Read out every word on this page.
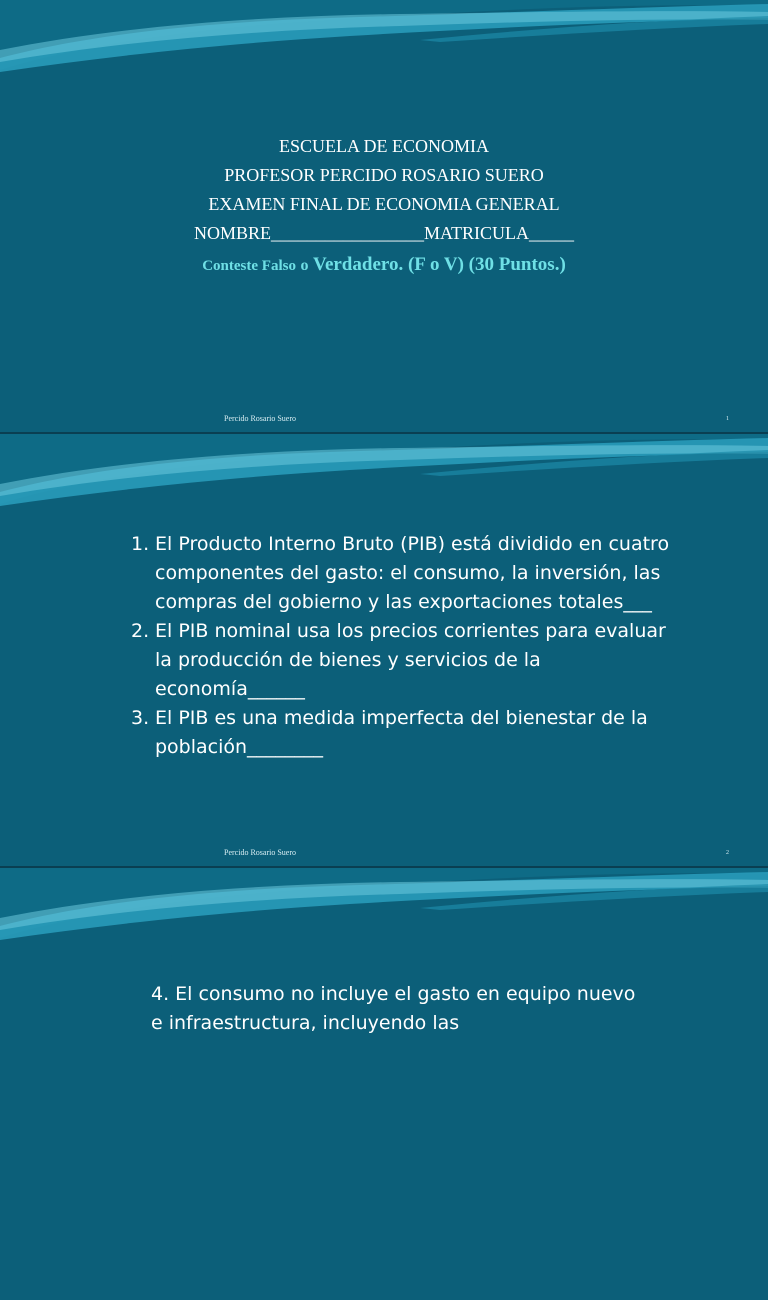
ESCUELA DE ECONOMIA
PROFESOR PERCIDO ROSARIO SUERO
EXAMEN FINAL DE ECONOMIA GENERAL
NOMBRE_________________MATRICULA_____
Conteste Falso o Verdadero. (F o V) (30 Puntos.)
Percido Rosario Suero	1
1. El Producto Interno Bruto (PIB) está dividido en cuatro componentes del gasto: el consumo, la inversión, las compras del gobierno y las exportaciones totales___
2. El PIB nominal usa los precios corrientes para evaluar la producción de bienes y servicios de la economía______
3. El PIB es una medida imperfecta del bienestar de la población________
Percido Rosario Suero	2

4. El consumo no incluye el gasto en equipo nuevo e infraestructura, incluyendo las
